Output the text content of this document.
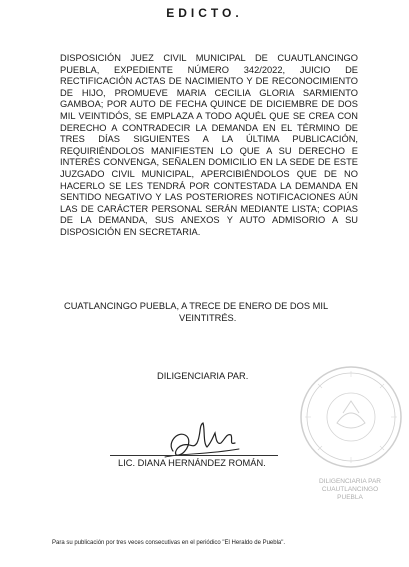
EDICTO.
DISPOSICIÓN JUEZ CIVIL MUNICIPAL DE CUAUTLANCINGO PUEBLA, EXPEDIENTE NÚMERO 342/2022, JUICIO DE RECTIFICACIÓN ACTAS DE NACIMIENTO Y DE RECONOCIMIENTO DE HIJO, PROMUEVE MARIA CECILIA GLORIA SARMIENTO GAMBOA; POR AUTO DE FECHA QUINCE DE DICIEMBRE DE DOS MIL VEINTIDÓS, SE EMPLAZA A TODO AQUÉL QUE SE CREA CON DERECHO A CONTRADECIR LA DEMANDA EN EL TÉRMINO DE TRES DÍAS SIGUIENTES A LA ÚLTIMA PUBLICACIÓN, REQUIRIÉNDOLOS MANIFIESTEN LO QUE A SU DERECHO E INTERÉS CONVENGA, SEÑALEN DOMICILIO EN LA SEDE DE ESTE JUZGADO CIVIL MUNICIPAL, APERCIBIÉNDOLOS QUE DE NO HACERLO SE LES TENDRÁ POR CONTESTADA LA DEMANDA EN SENTIDO NEGATIVO Y LAS POSTERIORES NOTIFICACIONES AÚN LAS DE CARÁCTER PERSONAL SERÁN MEDIANTE LISTA; COPIAS DE LA DEMANDA, SUS ANEXOS Y AUTO ADMISORIO A SU DISPOSICIÓN EN SECRETARIA.
CUATLANCINGO PUEBLA, A TRECE DE ENERO DE DOS MIL
VEINTITRÉS.
DILIGENCIARIA PAR.
DILIGENCIARIA PAR
CUAUTLANCINGO
PUEBLA
LIC. DIANA HERNÁNDEZ ROMÁN.
Para su publicación por tres veces consecutivas en el periódico "El Heraldo de Puebla".
